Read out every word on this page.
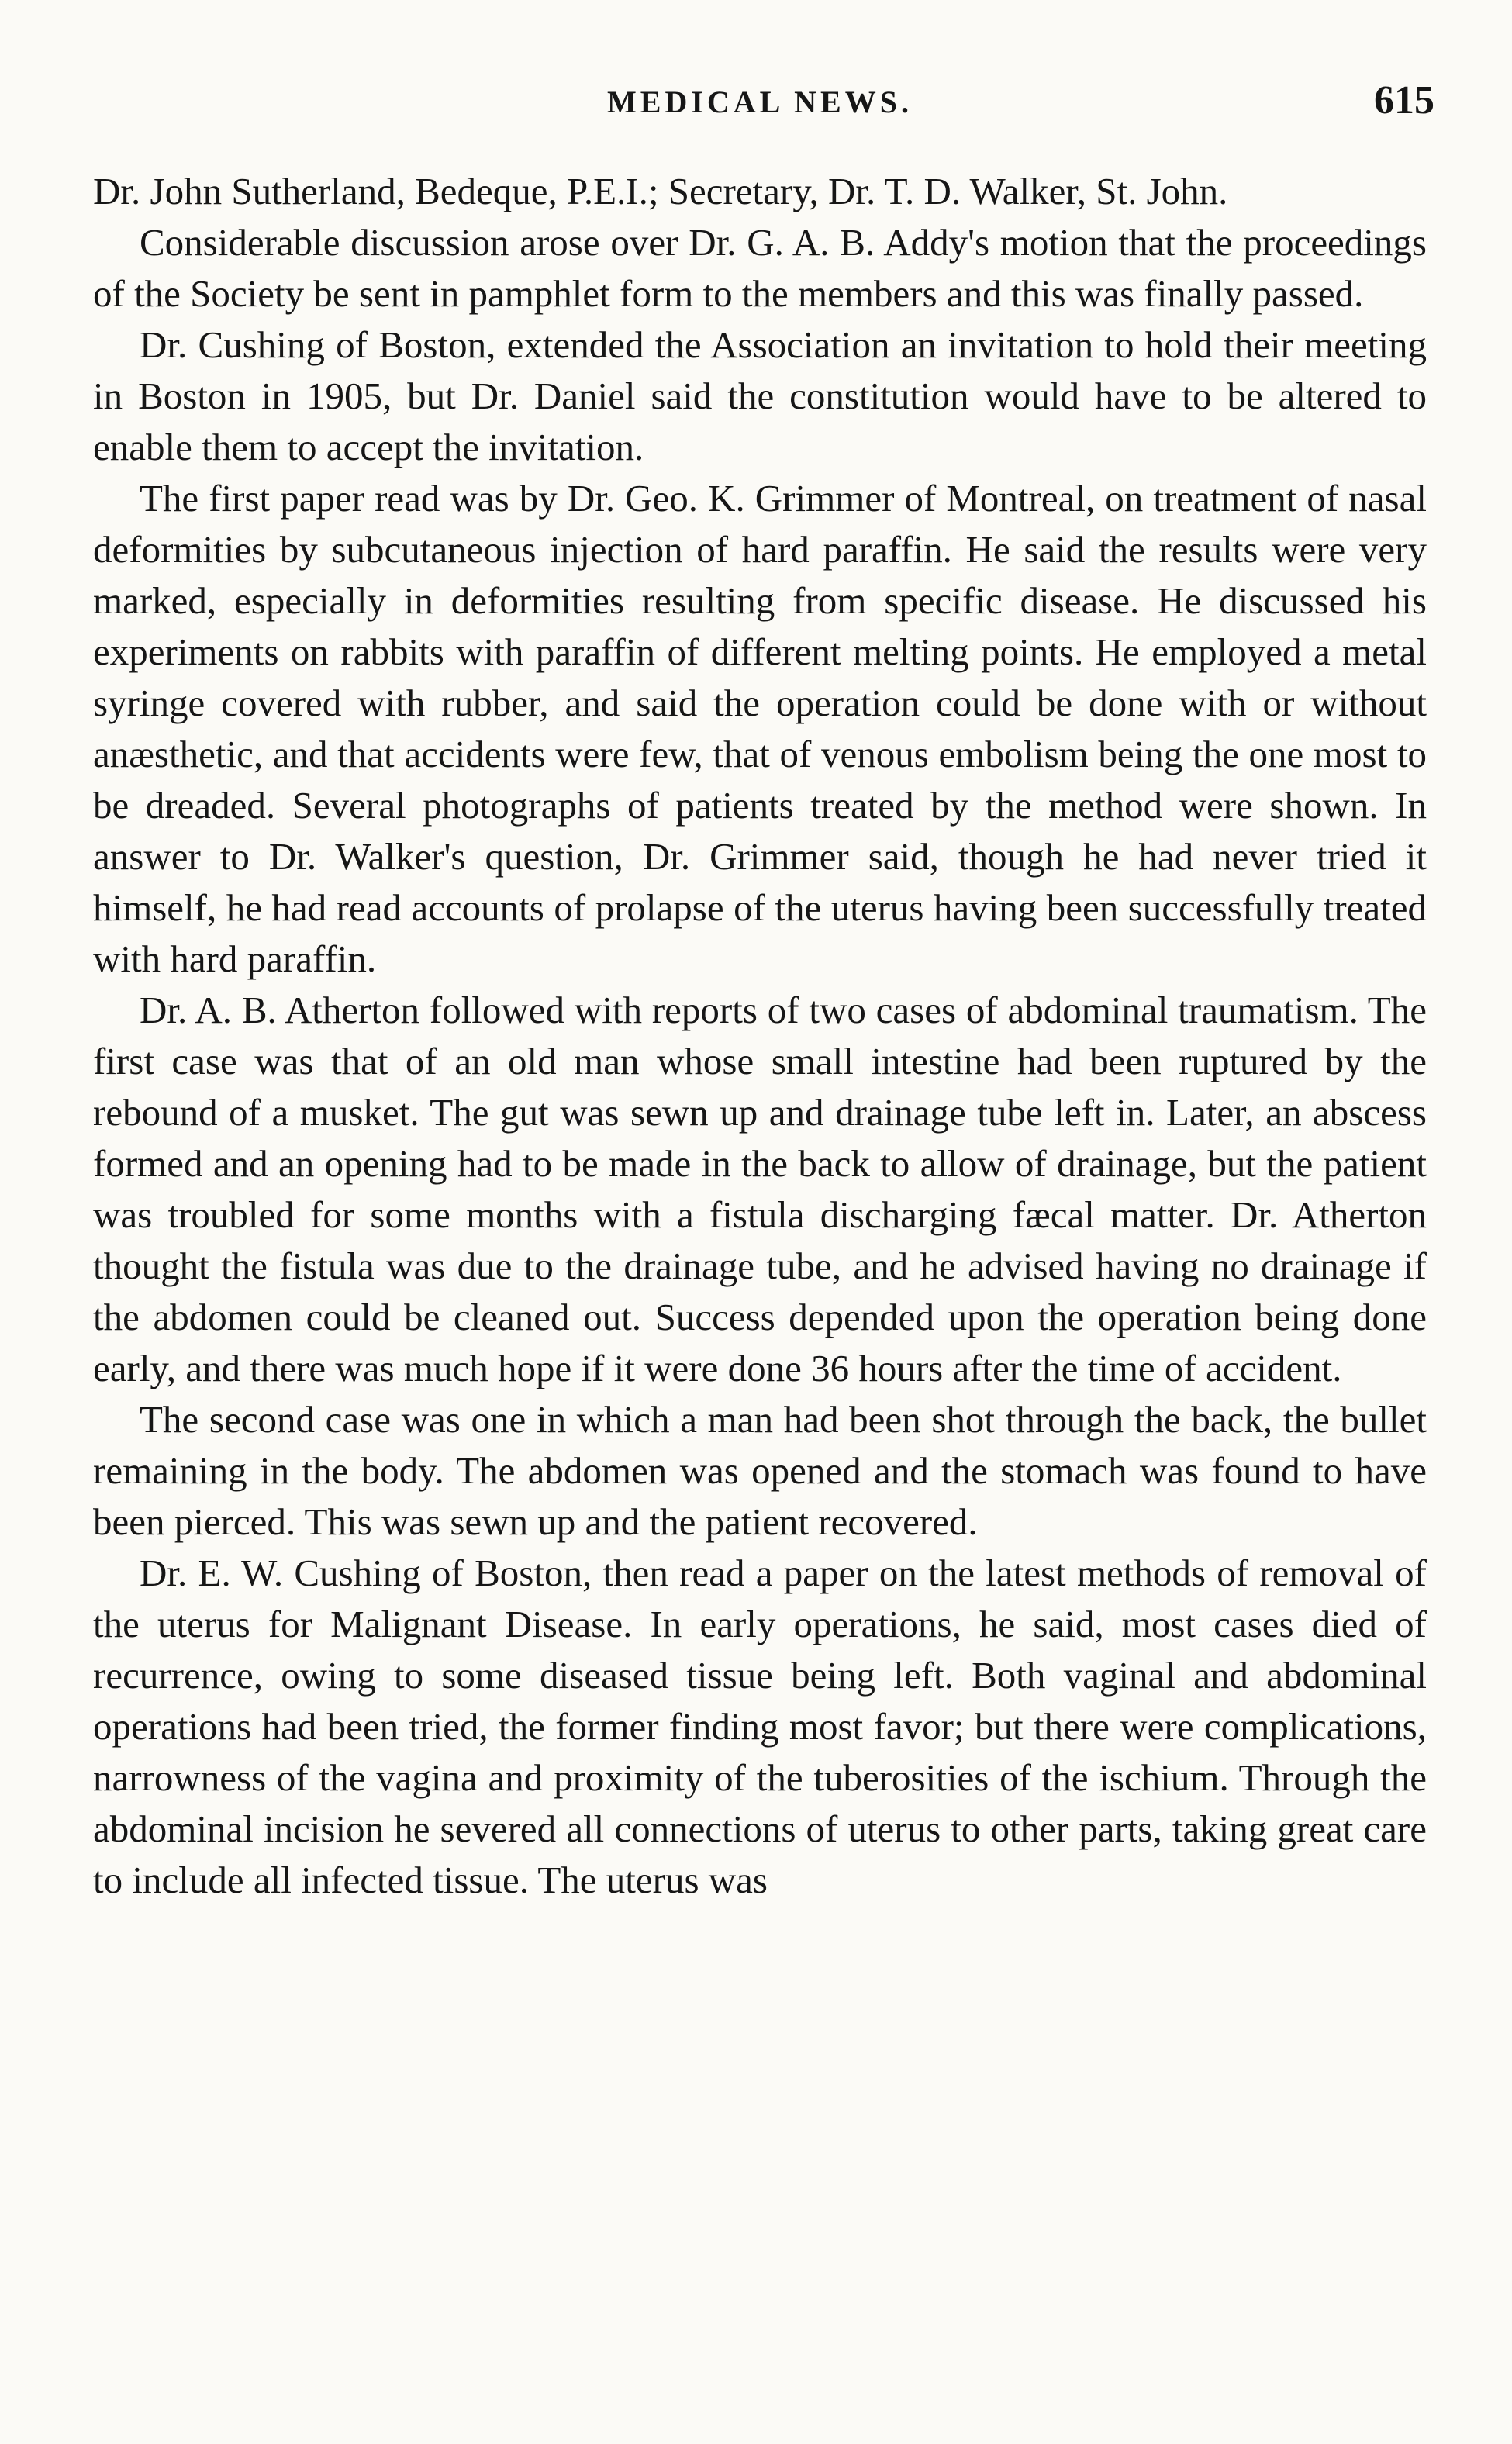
MEDICAL NEWS.	615

Dr. John Sutherland, Bedeque, P.E.I.; Secretary, Dr. T. D. Walker, St. John.

Considerable discussion arose over Dr. G. A. B. Addy's motion that the proceedings of the Society be sent in pamphlet form to the members and this was finally passed.

Dr. Cushing of Boston, extended the Association an invitation to hold their meeting in Boston in 1905, but Dr. Daniel said the constitution would have to be altered to enable them to accept the invitation.

The first paper read was by Dr. Geo. K. Grimmer of Montreal, on treatment of nasal deformities by subcutaneous injection of hard paraffin. He said the results were very marked, especially in deformities resulting from specific disease. He discussed his experiments on rabbits with paraffin of different melting points. He employed a metal syringe covered with rubber, and said the operation could be done with or without anæsthetic, and that accidents were few, that of venous embolism being the one most to be dreaded. Several photographs of patients treated by the method were shown. In answer to Dr. Walker's question, Dr. Grimmer said, though he had never tried it himself, he had read accounts of prolapse of the uterus having been successfully treated with hard paraffin.

Dr. A. B. Atherton followed with reports of two cases of abdominal traumatism. The first case was that of an old man whose small intestine had been ruptured by the rebound of a musket. The gut was sewn up and drainage tube left in. Later, an abscess formed and an opening had to be made in the back to allow of drainage, but the patient was troubled for some months with a fistula discharging fæcal matter. Dr. Atherton thought the fistula was due to the drainage tube, and he advised having no drainage if the abdomen could be cleaned out. Success depended upon the operation being done early, and there was much hope if it were done 36 hours after the time of accident.

The second case was one in which a man had been shot through the back, the bullet remaining in the body. The abdomen was opened and the stomach was found to have been pierced. This was sewn up and the patient recovered.

Dr. E. W. Cushing of Boston, then read a paper on the latest methods of removal of the uterus for Malignant Disease. In early operations, he said, most cases died of recurrence, owing to some diseased tissue being left. Both vaginal and abdominal operations had been tried, the former finding most favor; but there were complications, narrowness of the vagina and proximity of the tuberosities of the ischium. Through the abdominal incision he severed all connections of uterus to other parts, taking great care to include all infected tissue. The uterus was
